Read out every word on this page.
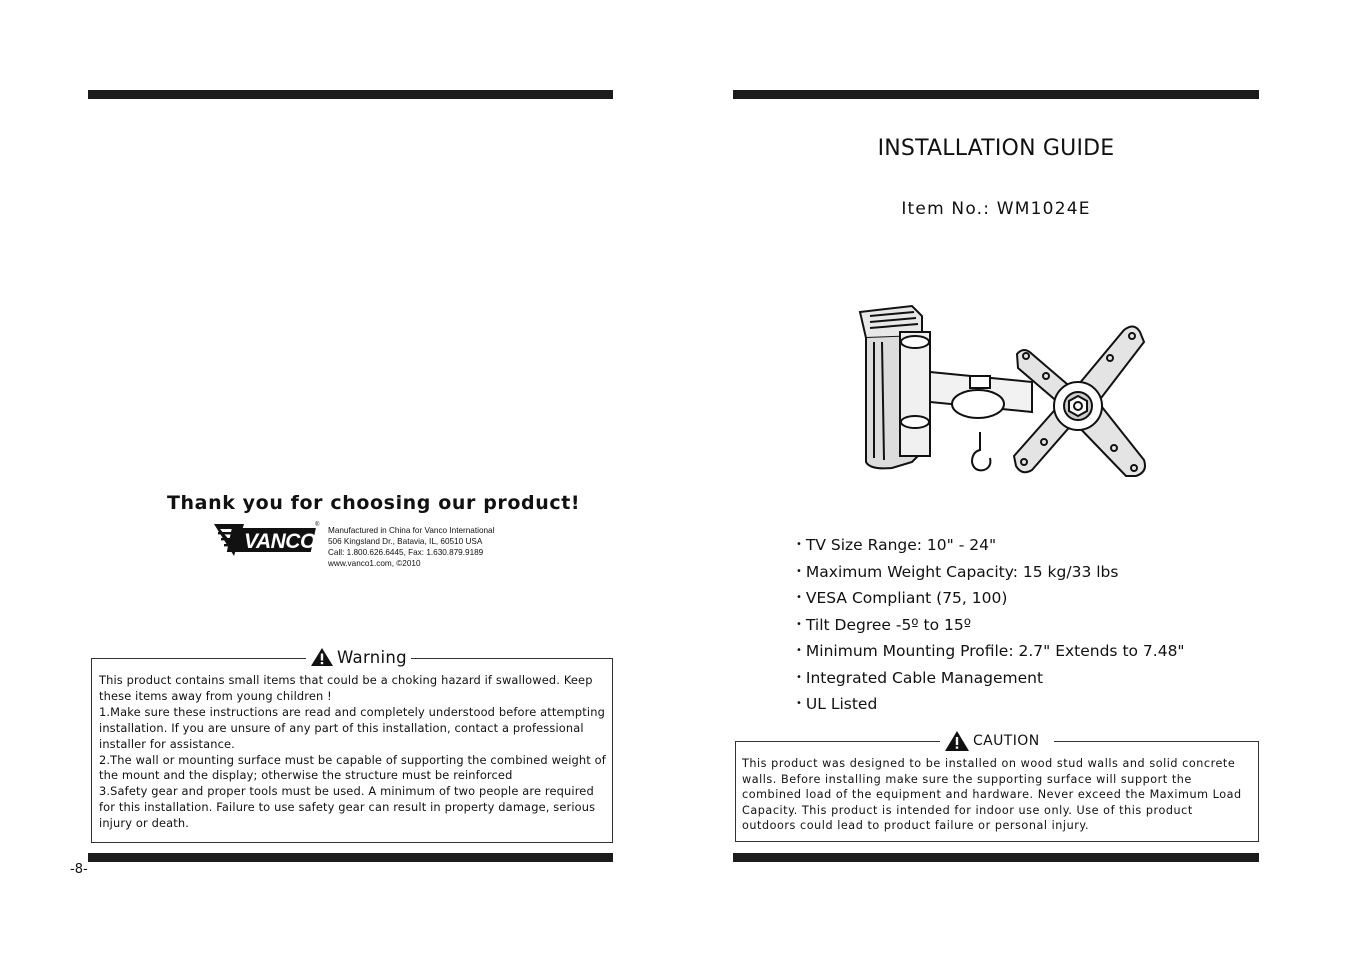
Thank you for choosing our product!
VANCO
®
Manufactured in China for Vanco International
506 Kingsland Dr., Batavia, IL, 60510 USA
Call: 1.800.626.6445, Fax: 1.630.879.9189
www.vanco1.com, ©2010
Warning
This product contains small items that could be a choking hazard if swallowed. Keep
these items away from young children !
1.Make sure these instructions are read and completely understood before attempting
installation. If you are unsure of any part of this installation, contact a professional
installer for assistance.
2.The wall or mounting surface must be capable of supporting the combined weight of
the mount and the display; otherwise the structure must be reinforced
3.Safety gear and proper tools must be used. A minimum of two people are required
for this installation. Failure to use safety gear can result in property damage, serious
injury or death.
-8-
INSTALLATION GUIDE
Item No.: WM1024E
• TV Size Range: 10" - 24"
• Maximum Weight Capacity: 15 kg/33 lbs
• VESA Compliant (75, 100)
• Tilt Degree -5º to 15º
• Minimum Mounting Profile: 2.7" Extends to 7.48"
• Integrated Cable Management
• UL Listed
CAUTION
This product was designed to be installed on wood stud walls and solid concrete
walls. Before installing make sure the supporting surface will support the
combined load of the equipment and hardware. Never exceed the Maximum Load
Capacity. This product is intended for indoor use only. Use of this product
outdoors could lead to product failure or personal injury.
